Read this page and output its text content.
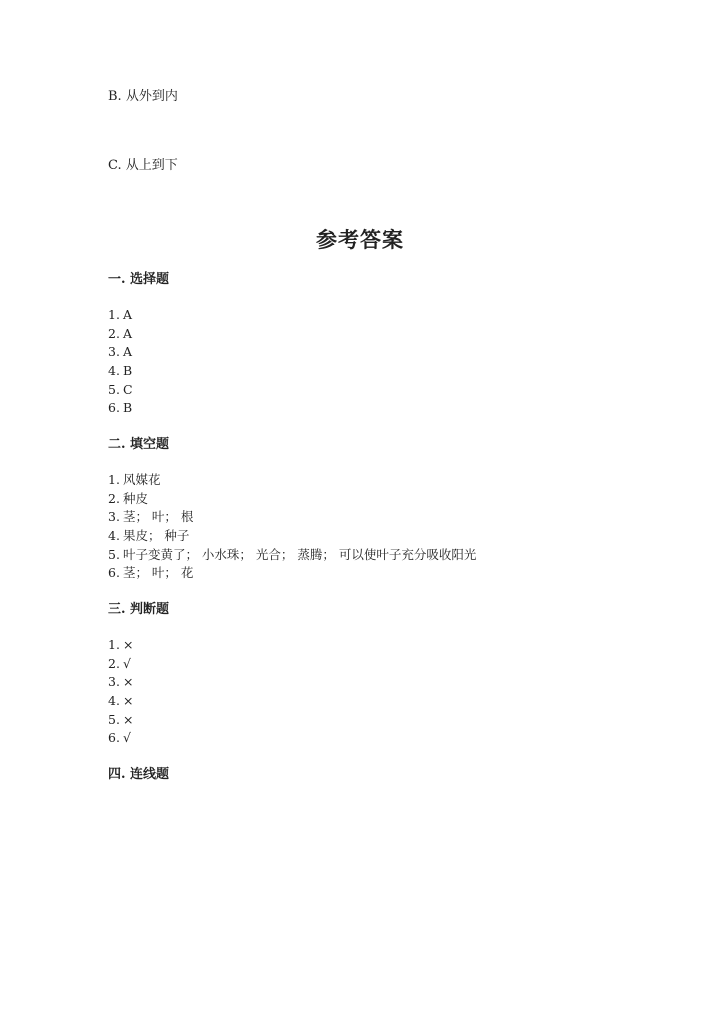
B. 从外到内
C. 从上到下
参考答案
一. 选择题
1. A
2. A
3. A
4. B
5. C
6. B
二. 填空题
1. 风媒花
2. 种皮
3. 茎； 叶； 根
4. 果皮； 种子
5. 叶子变黄了； 小水珠； 光合； 蒸腾； 可以使叶子充分吸收阳光
6. 茎； 叶； 花
三. 判断题
1. ×
2. √
3. ×
4. ×
5. ×
6. √
四. 连线题
